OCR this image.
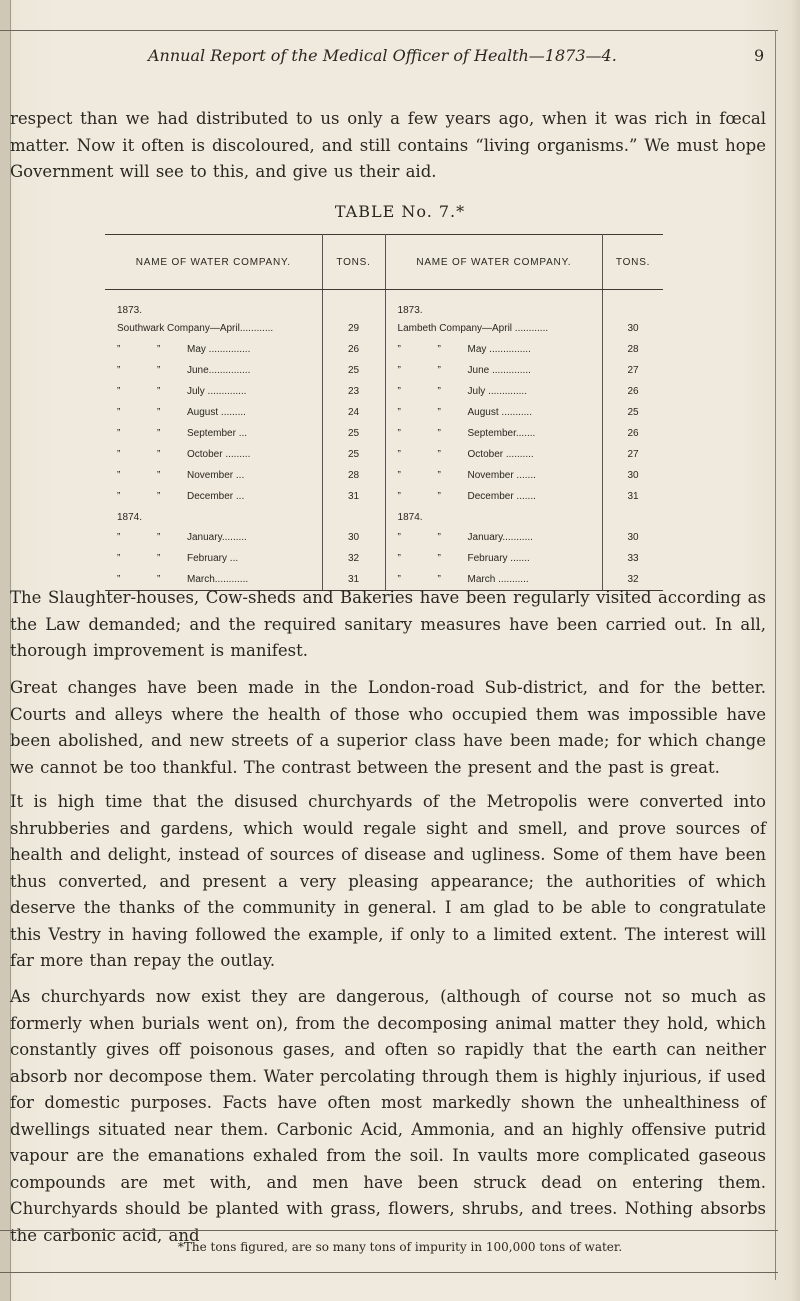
Annual Report of the Medical Officer of Health—1873—4.	9
respect than we had distributed to us only a few years ago, when it was rich in fœcal matter. Now it often is discoloured, and still contains “living organisms.” We must hope Government will see to this, and give us their aid.
TABLE No. 7.*
NAME OF WATER COMPANY.	TONS.	NAME OF WATER COMPANY.	TONS.
1873.		1873.	
Southwark Company—April............	29	Lambeth Company—April ............	30
” ” May ...............	26	” ” May ...............	28
” ” June...............	25	” ” June ..............	27
” ” July ..............	23	” ” July ..............	26
” ” August .........	24	” ” August ...........	25
” ” September ...	25	” ” September.......	26
” ” October .........	25	” ” October ..........	27
” ” November ...	28	” ” November .......	30
” ” December ...	31	” ” December .......	31
1874.		1874.	
” ” January.........	30	” ” January...........	30
” ” February ...	32	” ” February .......	33
” ” March............	31	” ” March ...........	32
The Slaughter-houses, Cow-sheds and Bakeries have been regularly visited according as the Law demanded; and the required sanitary measures have been carried out. In all, thorough improvement is manifest.
Great changes have been made in the London-road Sub-district, and for the better. Courts and alleys where the health of those who occupied them was impossible have been abolished, and new streets of a superior class have been made; for which change we cannot be too thankful. The contrast between the present and the past is great.
It is high time that the disused churchyards of the Metropolis were converted into shrubberies and gardens, which would regale sight and smell, and prove sources of health and delight, instead of sources of disease and ugliness. Some of them have been thus converted, and present a very pleasing appearance; the authorities of which deserve the thanks of the community in general. I am glad to be able to congratulate this Vestry in having followed the example, if only to a limited extent. The interest will far more than repay the outlay.
As churchyards now exist they are dangerous, (although of course not so much as formerly when burials went on), from the decomposing animal matter they hold, which constantly gives off poisonous gases, and often so rapidly that the earth can neither absorb nor decompose them. Water percolating through them is highly injurious, if used for domestic purposes. Facts have often most markedly shown the unhealthiness of dwellings situated near them. Carbonic Acid, Ammonia, and an highly offensive putrid vapour are the emanations exhaled from the soil. In vaults more complicated gaseous compounds are met with, and men have been struck dead on entering them. Churchyards should be planted with grass, flowers, shrubs, and trees. Nothing absorbs the carbonic acid, and
*The tons figured, are so many tons of impurity in 100,000 tons of water.
